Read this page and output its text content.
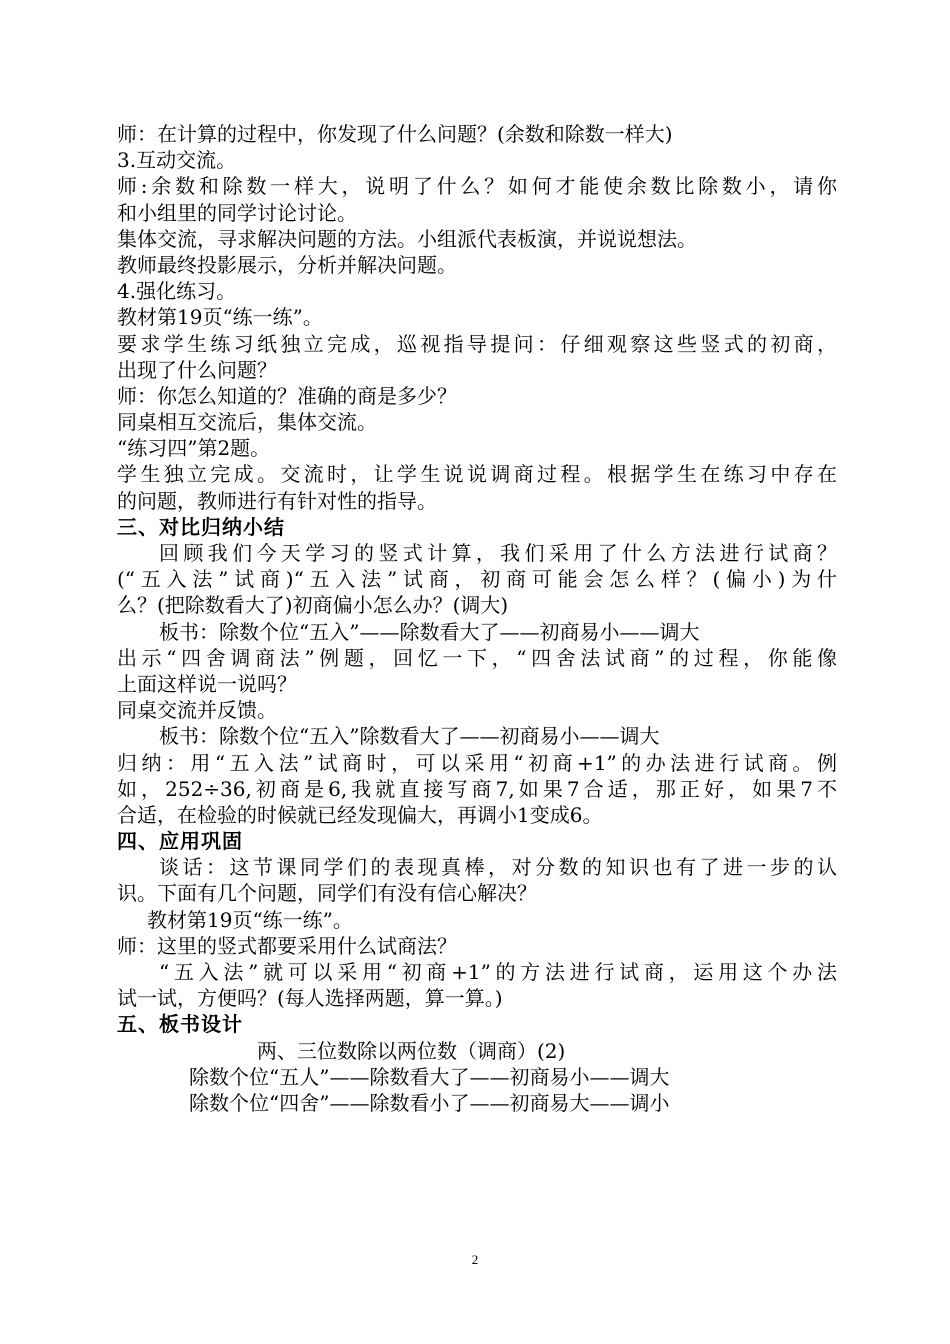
师：在计算的过程中，你发现了什么问题？(余数和除数一样大)
3.互动交流。
师:余数和除数一样大，说明了什么？如何才能使余数比除数小，请你
和小组里的同学讨论讨论。
集体交流，寻求解决问题的方法。小组派代表板演，并说说想法。
教师最终投影展示，分析并解决问题。
4.强化练习。
教材第19页“练一练”。
要求学生练习纸独立完成，巡视指导提问：仔细观察这些竖式的初商，
出现了什么问题？
师：你怎么知道的？准确的商是多少？
同桌相互交流后，集体交流。
“练习四”第2题。
学生独立完成。交流时，让学生说说调商过程。根据学生在练习中存在
的问题，教师进行有针对性的指导。
三、对比归纳小结
回顾我们今天学习的竖式计算，我们采用了什么方法进行试商？
(“五入法”试商)“五入法”试商，初商可能会怎么样？(偏小)为什
么？(把除数看大了)初商偏小怎么办？(调大)
板书：除数个位“五入”——除数看大了——初商易小——调大
出示“四舍调商法”例题，回忆一下，“四舍法试商”的过程，你能像
上面这样说一说吗？
同桌交流并反馈。
板书：除数个位“五入”除数看大了——初商易小——调大
归纳：用“五入法”试商时，可以采用“初商+1”的办法进行试商。例
如，252÷36,初商是6,我就直接写商7,如果7合适，那正好，如果7不
合适，在检验的时候就已经发现偏大，再调小1变成6。
四、应用巩固
谈话：这节课同学们的表现真棒，对分数的知识也有了进一步的认
识。下面有几个问题，同学们有没有信心解决？
教材第19页“练一练”。
师：这里的竖式都要采用什么试商法？
“五入法”就可以采用“初商+1”的方法进行试商，运用这个办法
试一试，方便吗？(每人选择两题，算一算。)
五、板书设计
两、三位数除以两位数（调商）(2)
除数个位“五人”——除数看大了——初商易小——调大
除数个位“四舍”——除数看小了——初商易大——调小
2
